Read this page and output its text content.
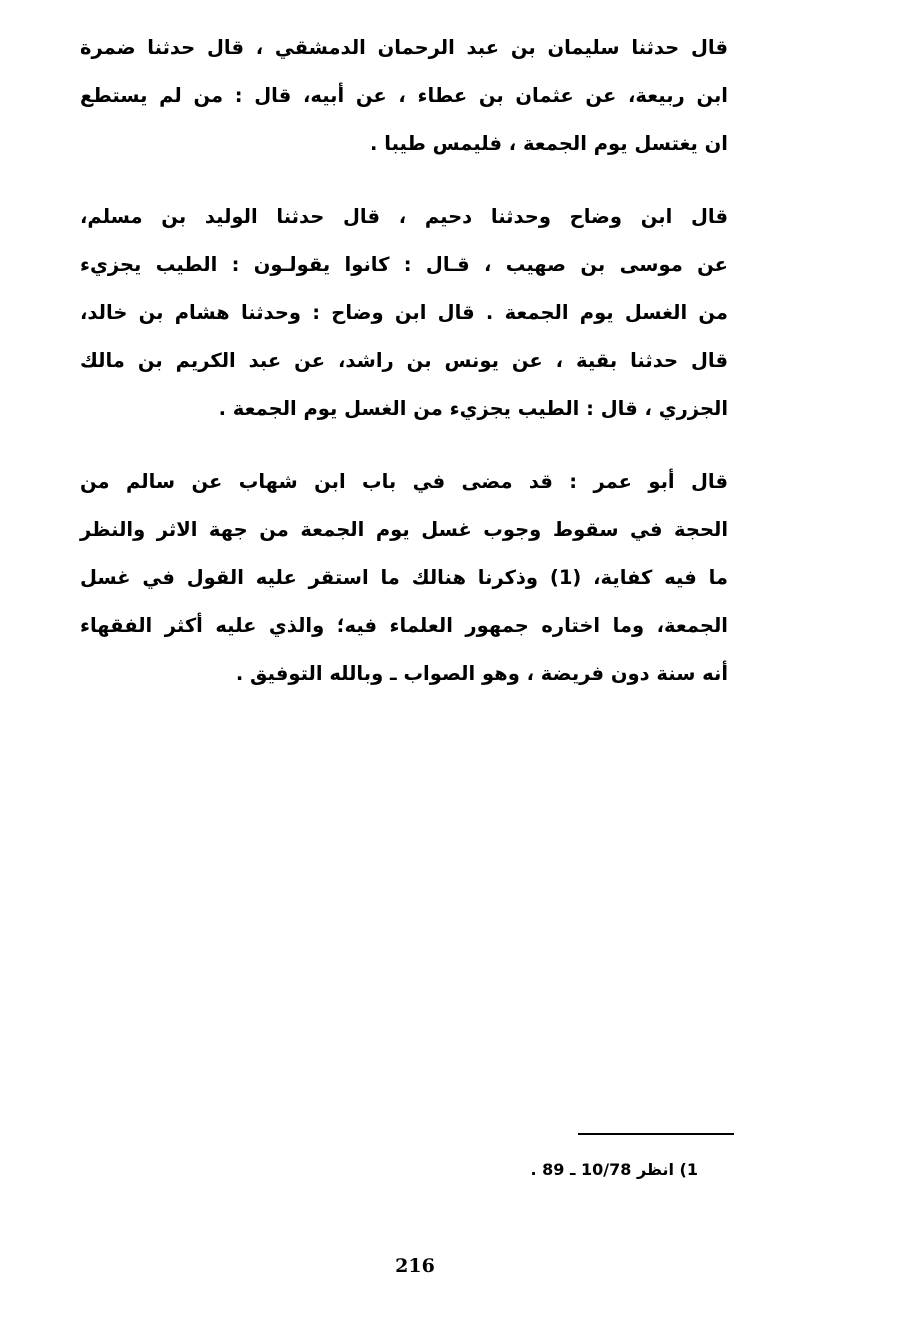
قال حدثنا سليمان بن عبد الرحمان الدمشقي ، قال حدثنا ضمرة
ابن ربيعة، عن عثمان بن عطاء ، عن أبيه، قال : من لم يستطع
ان يغتسل يوم الجمعة ، فليمس طيبا .
قال ابن وضاح وحدثنا دحيم ، قال حدثنا الوليد بن مسلم،
عن موسى بن صهيب ، قـال : كانوا يقولـون : الطيب يجزيء
من الغسل يوم الجمعة . قال ابن وضاح : وحدثنا هشام بن خالد،
قال حدثنا بقية ، عن يونس بن راشد، عن عبد الكريم بن مالك
الجزري ، قال : الطيب يجزيء من الغسل يوم الجمعة .
قال أبو عمر : قد مضى في باب ابن شهاب عن سالم من
الحجة في سقوط وجوب غسل يوم الجمعة من جهة الاثر والنظر
ما فيه كفاية، (1) وذكرنا هنالك ما استقر عليه القول في غسل
الجمعة، وما اختاره جمهور العلماء فيه؛ والذي عليه أكثر الفقهاء
أنه سنة دون فريضة ، وهو الصواب ـ وبالله التوفيق .
1) انظر 10/78 ـ 89 .
216
